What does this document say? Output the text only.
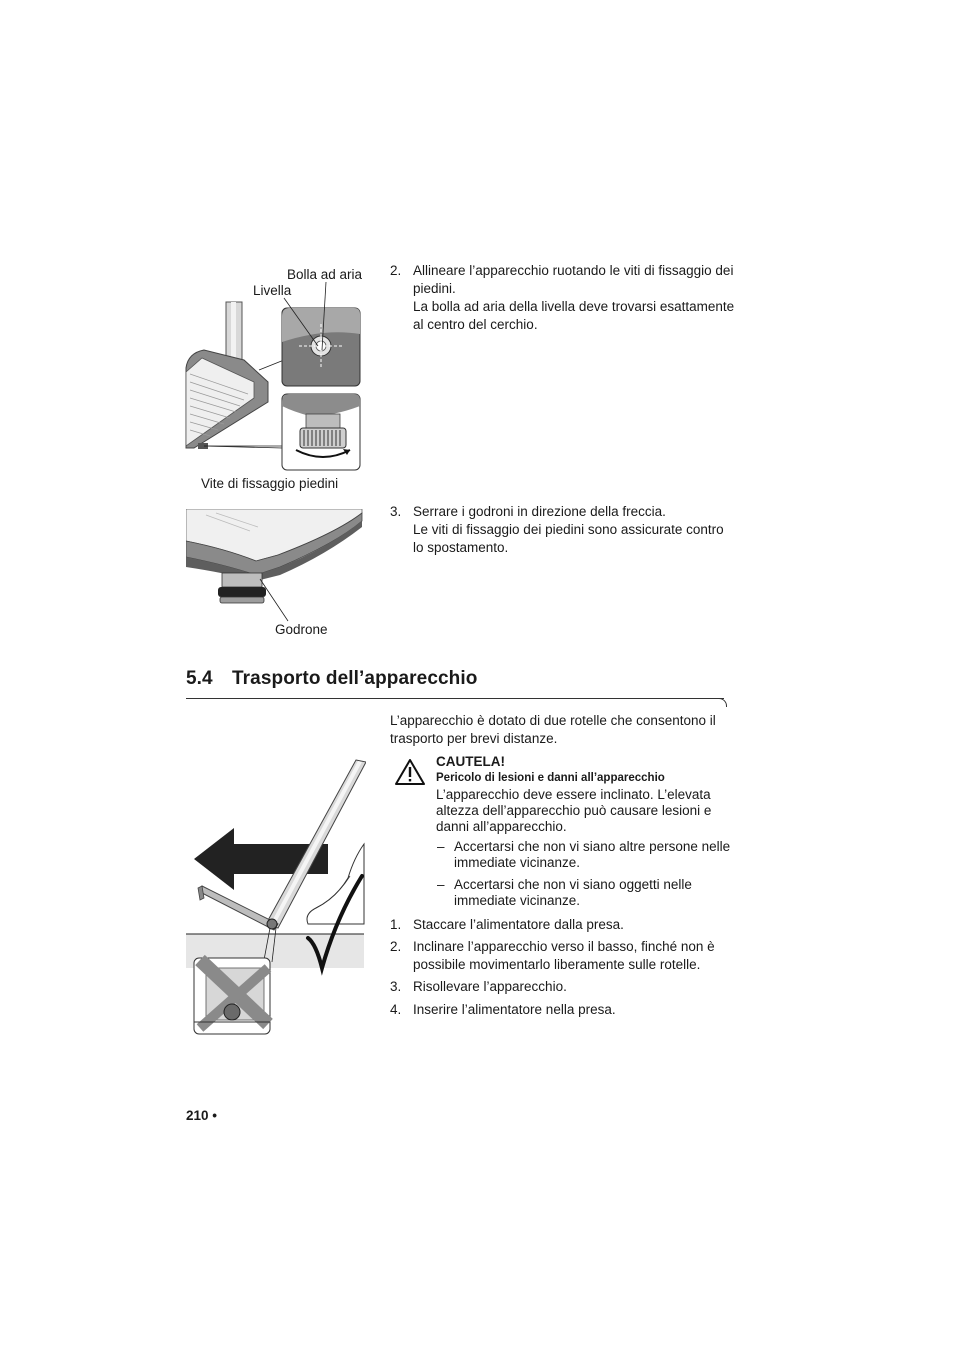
Bolla ad aria
Livella
Vite di fissaggio piedini
2. Allineare l’apparecchio ruotando le viti di fissaggio dei piedini.

La bolla ad aria della livella deve trovarsi esattamente al centro del cerchio.

Godrone
3. Serrare i godroni in direzione della freccia.

Le viti di fissaggio dei piedini sono assicurate contro lo spostamento.

5.4 Trasporto dell’apparecchio
L’apparecchio è dotato di due rotelle che consentono il trasporto per brevi distanze.
CAUTELA!
Pericolo di lesioni e danni all’apparecchio
L’apparecchio deve essere inclinato. L’elevata altezza dell’apparecchio può causare lesioni e danni all’apparecchio.
– Accertarsi che non vi siano altre persone nelle immediate vicinanze.
– Accertarsi che non vi siano oggetti nelle immediate vicinanze.
1. Staccare l’alimentatore dalla presa.

2. Inclinare l’apparecchio verso il basso, finché non è possibile movimentarlo liberamente sulle rotelle.

3. Risollevare l’apparecchio.

4. Inserire l’alimentatore nella presa.

210 •
